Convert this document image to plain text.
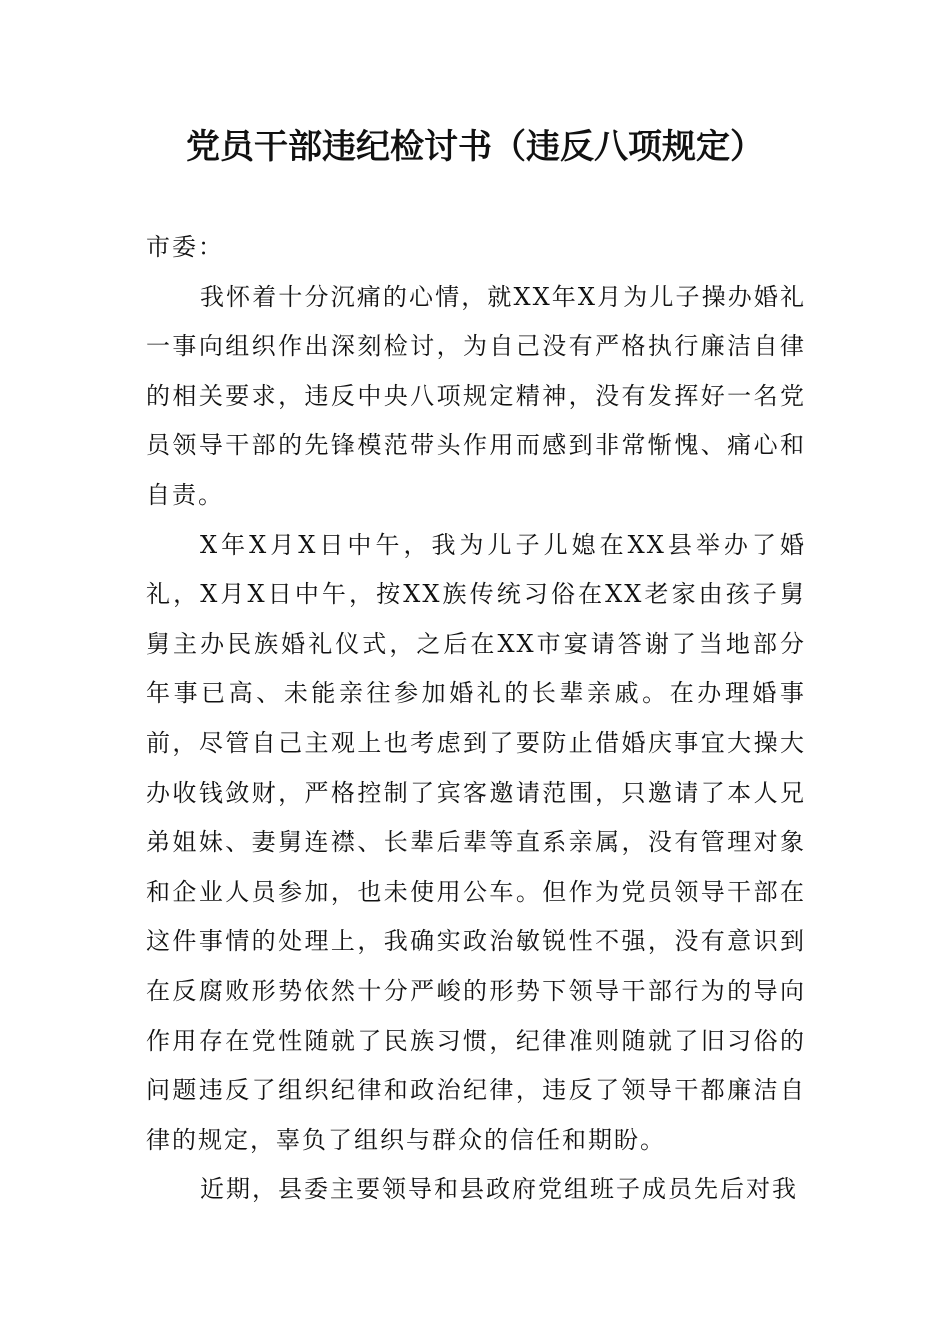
党员干部违纪检讨书（违反八项规定）

市委：

我怀着十分沉痛的心情，就XX年X月为儿子操办婚礼一事向组织作出深刻检讨，为自己没有严格执行廉洁自律的相关要求，违反中央八项规定精神，没有发挥好一名党员领导干部的先锋模范带头作用而感到非常惭愧、痛心和自责。

X年X月X日中午，我为儿子儿媳在XX县举办了婚礼，X月X日中午，按XX族传统习俗在XX老家由孩子舅舅主办民族婚礼仪式，之后在XX市宴请答谢了当地部分年事已高、未能亲往参加婚礼的长辈亲戚。在办理婚事前，尽管自己主观上也考虑到了要防止借婚庆事宜大操大办收钱敛财，严格控制了宾客邀请范围，只邀请了本人兄弟姐妹、妻舅连襟、长辈后辈等直系亲属，没有管理对象和企业人员参加，也未使用公车。但作为党员领导干部在这件事情的处理上，我确实政治敏锐性不强，没有意识到在反腐败形势依然十分严峻的形势下领导干部行为的导向作用存在党性随就了民族习惯，纪律准则随就了旧习俗的问题违反了组织纪律和政治纪律，违反了领导干都廉洁自律的规定，辜负了组织与群众的信任和期盼。

近期，县委主要领导和县政府党组班子成员先后对我
